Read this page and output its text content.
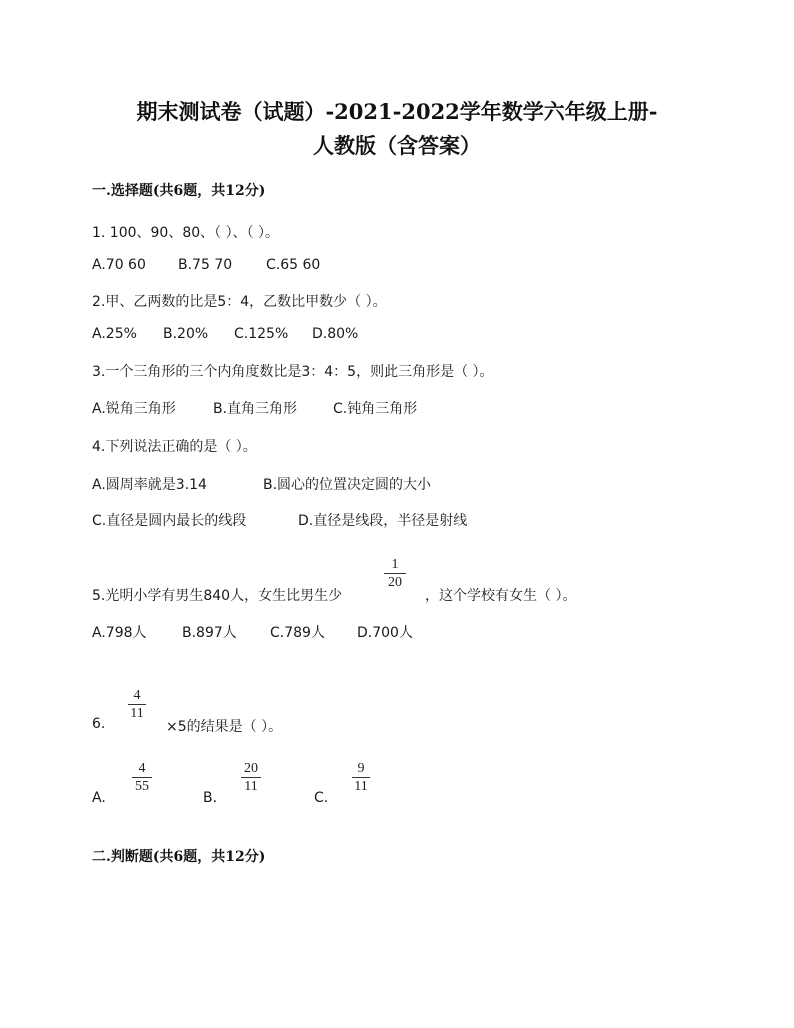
期末测试卷（试题）-2021-2022学年数学六年级上册-
人教版（含答案）
一.选择题(共6题，共12分)
1. 100、90、80、（ ）、（ ）。
A.70 60 B.75 70 C.65 60
2.甲、乙两数的比是5：4，乙数比甲数少（ ）。
A.25% B.20% C.125% D.80%
3.一个三角形的三个内角度数比是3：4：5，则此三角形是（ ）。
A.锐角三角形	B.直角三角形	C.钝角三角形
4.下列说法正确的是（ ）。
A.圆周率就是3.14	B.圆心的位置决定圆的大小
C.直径是圆内最长的线段	D.直径是线段，半径是射线
5.光明小学有男生840人，女生比男生少
1
20
，这个学校有女生（ ）。
A.798人	B.897人 C.789人 D.700人
6.
4
11
×5的结果是（ ）。
A.
4
55
B.
20
11
C.
9
11
二.判断题(共6题，共12分)
